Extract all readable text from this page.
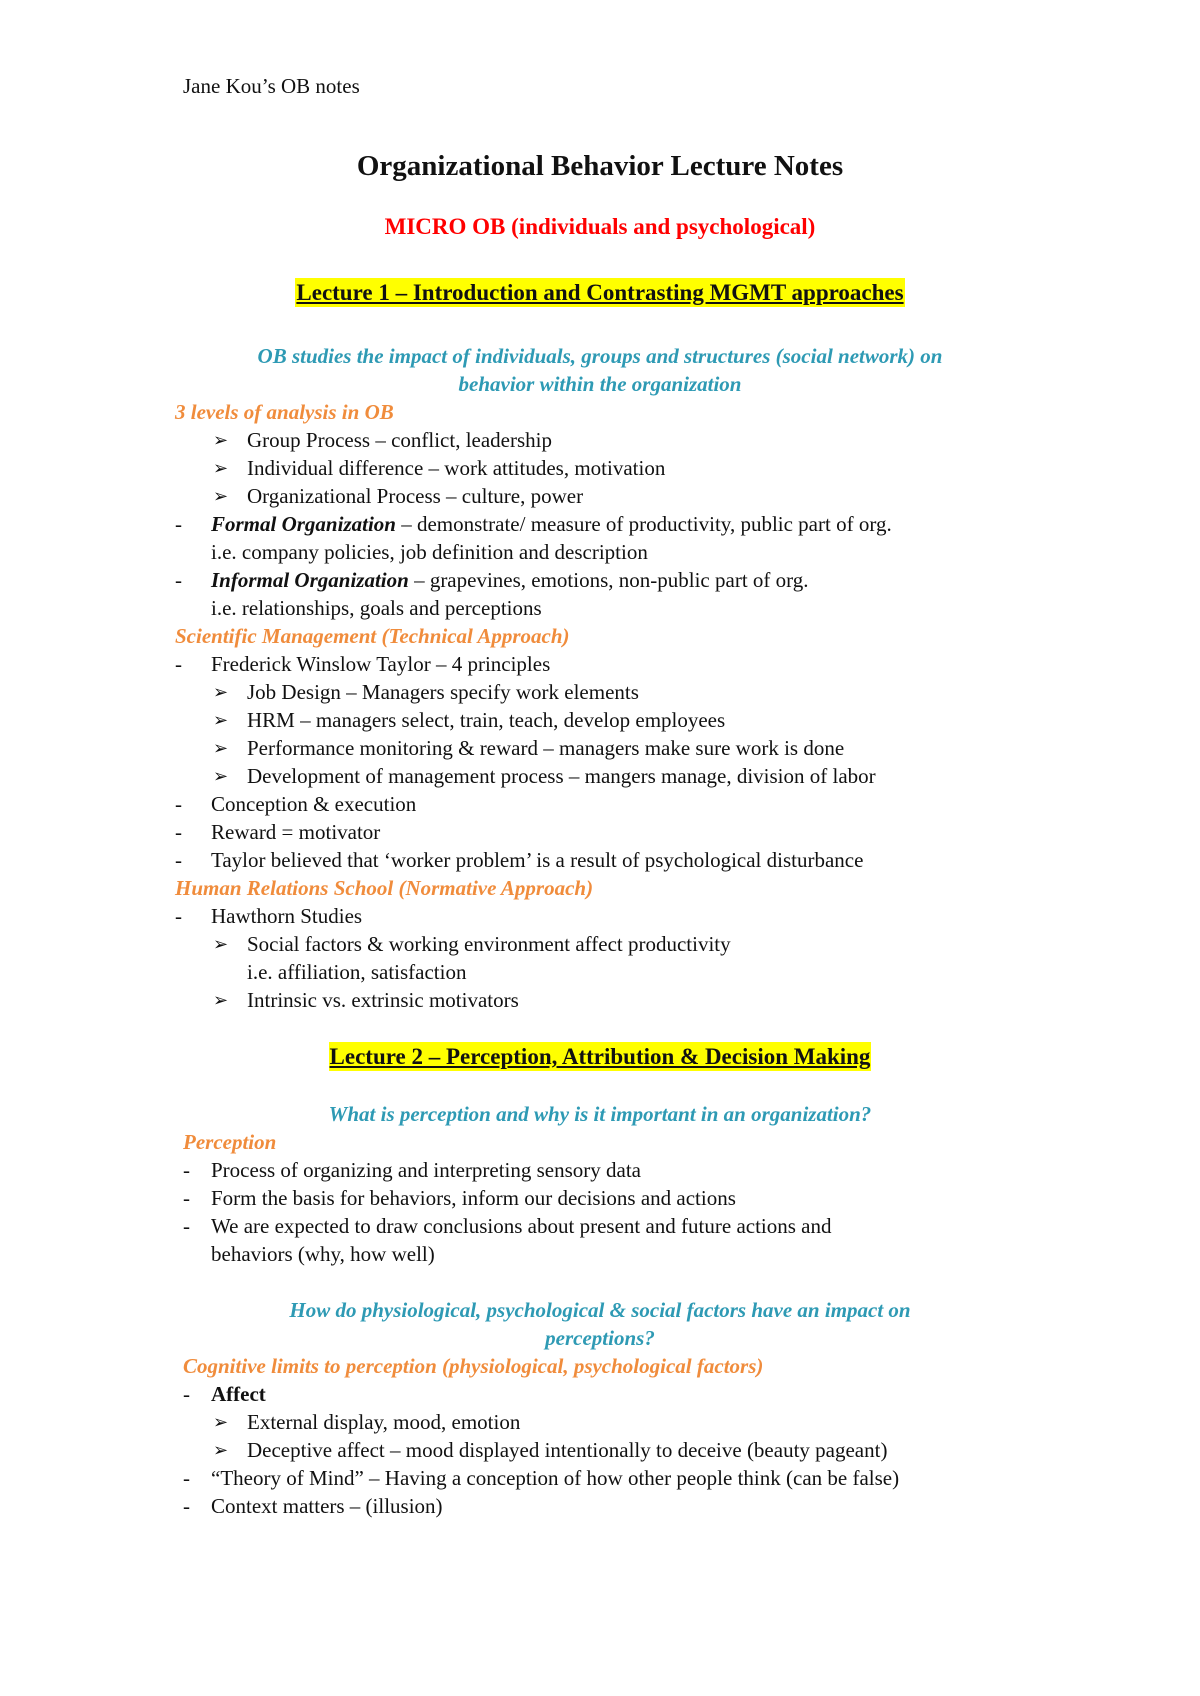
Jane Kou’s OB notes
Organizational Behavior Lecture Notes
MICRO OB (individuals and psychological)
Lecture 1 – Introduction and Contrasting MGMT approaches
OB studies the impact of individuals, groups and structures (social network) on
behavior within the organization
3 levels of analysis in OB
➢ Group Process – conflict, leadership
➢ Individual difference – work attitudes, motivation
➢ Organizational Process – culture, power
- Formal Organization – demonstrate/ measure of productivity, public part of org.
i.e. company policies, job definition and description
- Informal Organization – grapevines, emotions, non-public part of org.
i.e. relationships, goals and perceptions
Scientific Management (Technical Approach)
- Frederick Winslow Taylor – 4 principles
➢ Job Design – Managers specify work elements
➢ HRM – managers select, train, teach, develop employees
➢ Performance monitoring & reward – managers make sure work is done
➢ Development of management process – mangers manage, division of labor
- Conception & execution
- Reward = motivator
- Taylor believed that ‘worker problem’ is a result of psychological disturbance
Human Relations School (Normative Approach)
- Hawthorn Studies
➢ Social factors & working environment affect productivity
i.e. affiliation, satisfaction
➢ Intrinsic vs. extrinsic motivators
Lecture 2 – Perception, Attribution & Decision Making
What is perception and why is it important in an organization?
Perception
- Process of organizing and interpreting sensory data
- Form the basis for behaviors, inform our decisions and actions
- We are expected to draw conclusions about present and future actions and
behaviors (why, how well)
How do physiological, psychological & social factors have an impact on
perceptions?
Cognitive limits to perception (physiological, psychological factors)
- Affect
➢ External display, mood, emotion
➢ Deceptive affect – mood displayed intentionally to deceive (beauty pageant)
- “Theory of Mind” – Having a conception of how other people think (can be false)
- Context matters – (illusion)
